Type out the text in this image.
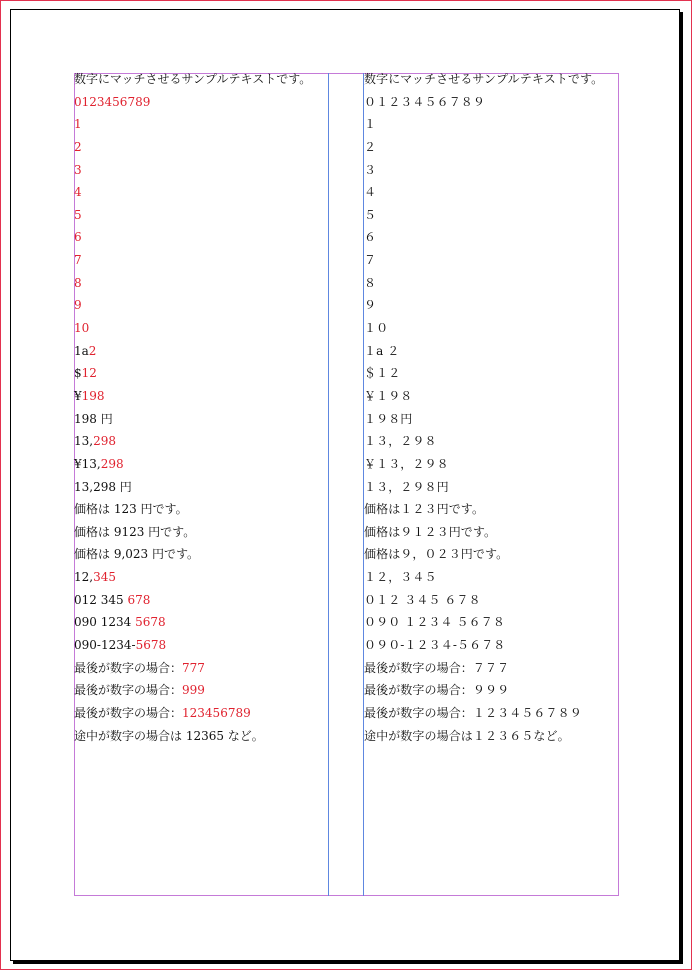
数字にマッチさせるサンプルテキストです。
0123456789
1
2
3
4
5
6
7
8
9
10
1a2
$12
¥198
198 円
13,298
¥13,298
13,298 円
価格は 123 円です。
価格は 9123 円です。
価格は 9,023 円です。
12,345
012 345 678
090 1234 5678
090-1234-5678
最後が数字の場合：777
最後が数字の場合：999
最後が数字の場合：123456789
途中が数字の場合は 12365 など。
数字にマッチさせるサンプルテキストです。
０１２３４５６７８９
１
２
３
４
５
６
７
８
９
１０
１a ２
＄１２
￥１９８
１９８円
１３，２９８
￥１３，２９８
１３，２９８円
価格は１２３円です。
価格は９１２３円です。
価格は９，０２３円です。
１２，３４５
０１２ ３４５ ６７８
０９０ １２３４ ５６７８
０９０-１２３４-５６７８
最後が数字の場合：７７７
最後が数字の場合：９９９
最後が数字の場合：１２３４５６７８９
途中が数字の場合は１２３６５など。
